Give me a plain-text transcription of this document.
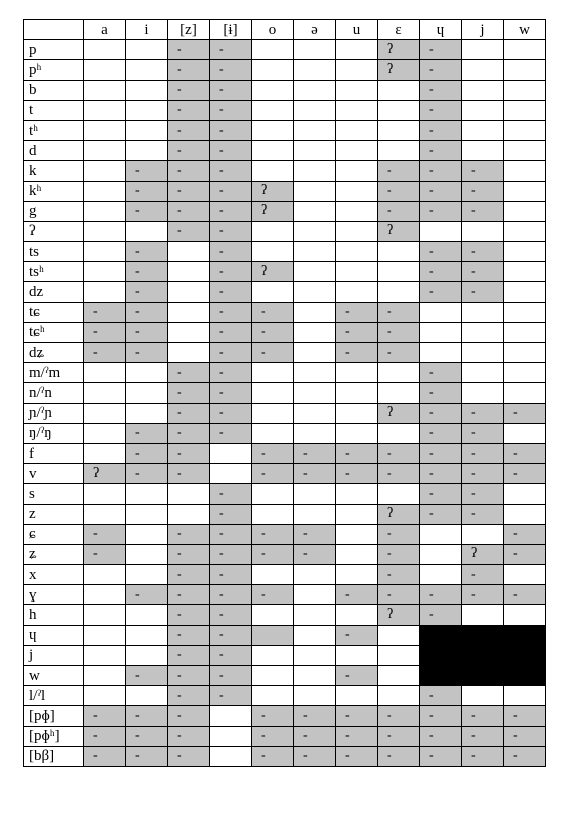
	a	i	[z]	[ɨ]	o	ə	u	ɛ	ɥ	j	w
p			-	-				ʔ	-		
pʰ			-	-				ʔ	-		
b			-	-					-		
t			-	-					-		
tʰ			-	-					-		
d			-	-					-		
k		-	-	-				-	-	-	
kʰ		-	-	-	ʔ			-	-	-	
g		-	-	-	ʔ			-	-	-	
ʔ			-	-				ʔ			
ts		-		-					-	-	
tsʰ		-		-	ʔ				-	-	
dz		-		-					-	-	
tɕ	-	-		-	-		-	-			
tɕʰ	-	-		-	-		-	-			
dʑ	-	-		-	-		-	-			
m/ˀm			-	-					-		
n/ˀn			-	-					-		
ɲ/ˀɲ			-	-				ʔ	-	-	-
ŋ/ˀŋ		-	-	-					-	-	
f		-	-		-	-	-	-	-	-	-
v	ʔ	-	-		-	-	-	-	-	-	-
s				-					-	-	
z				-				ʔ	-	-	
ɕ	-		-	-	-	-		-			-
ʑ	-		-	-	-	-		-		ʔ	-
x			-	-				-		-	
ɣ		-	-	-	-		-	-	-	-	-
h			-	-				ʔ	-		
ɥ			-	-			-				
j			-	-							
w		-	-	-			-				
l/ˀl			-	-					-		
[pɸ]	-	-	-		-	-	-	-	-	-	-
[pɸʰ]	-	-	-		-	-	-	-	-	-	-
[bβ]	-	-	-		-	-	-	-	-	-	-
